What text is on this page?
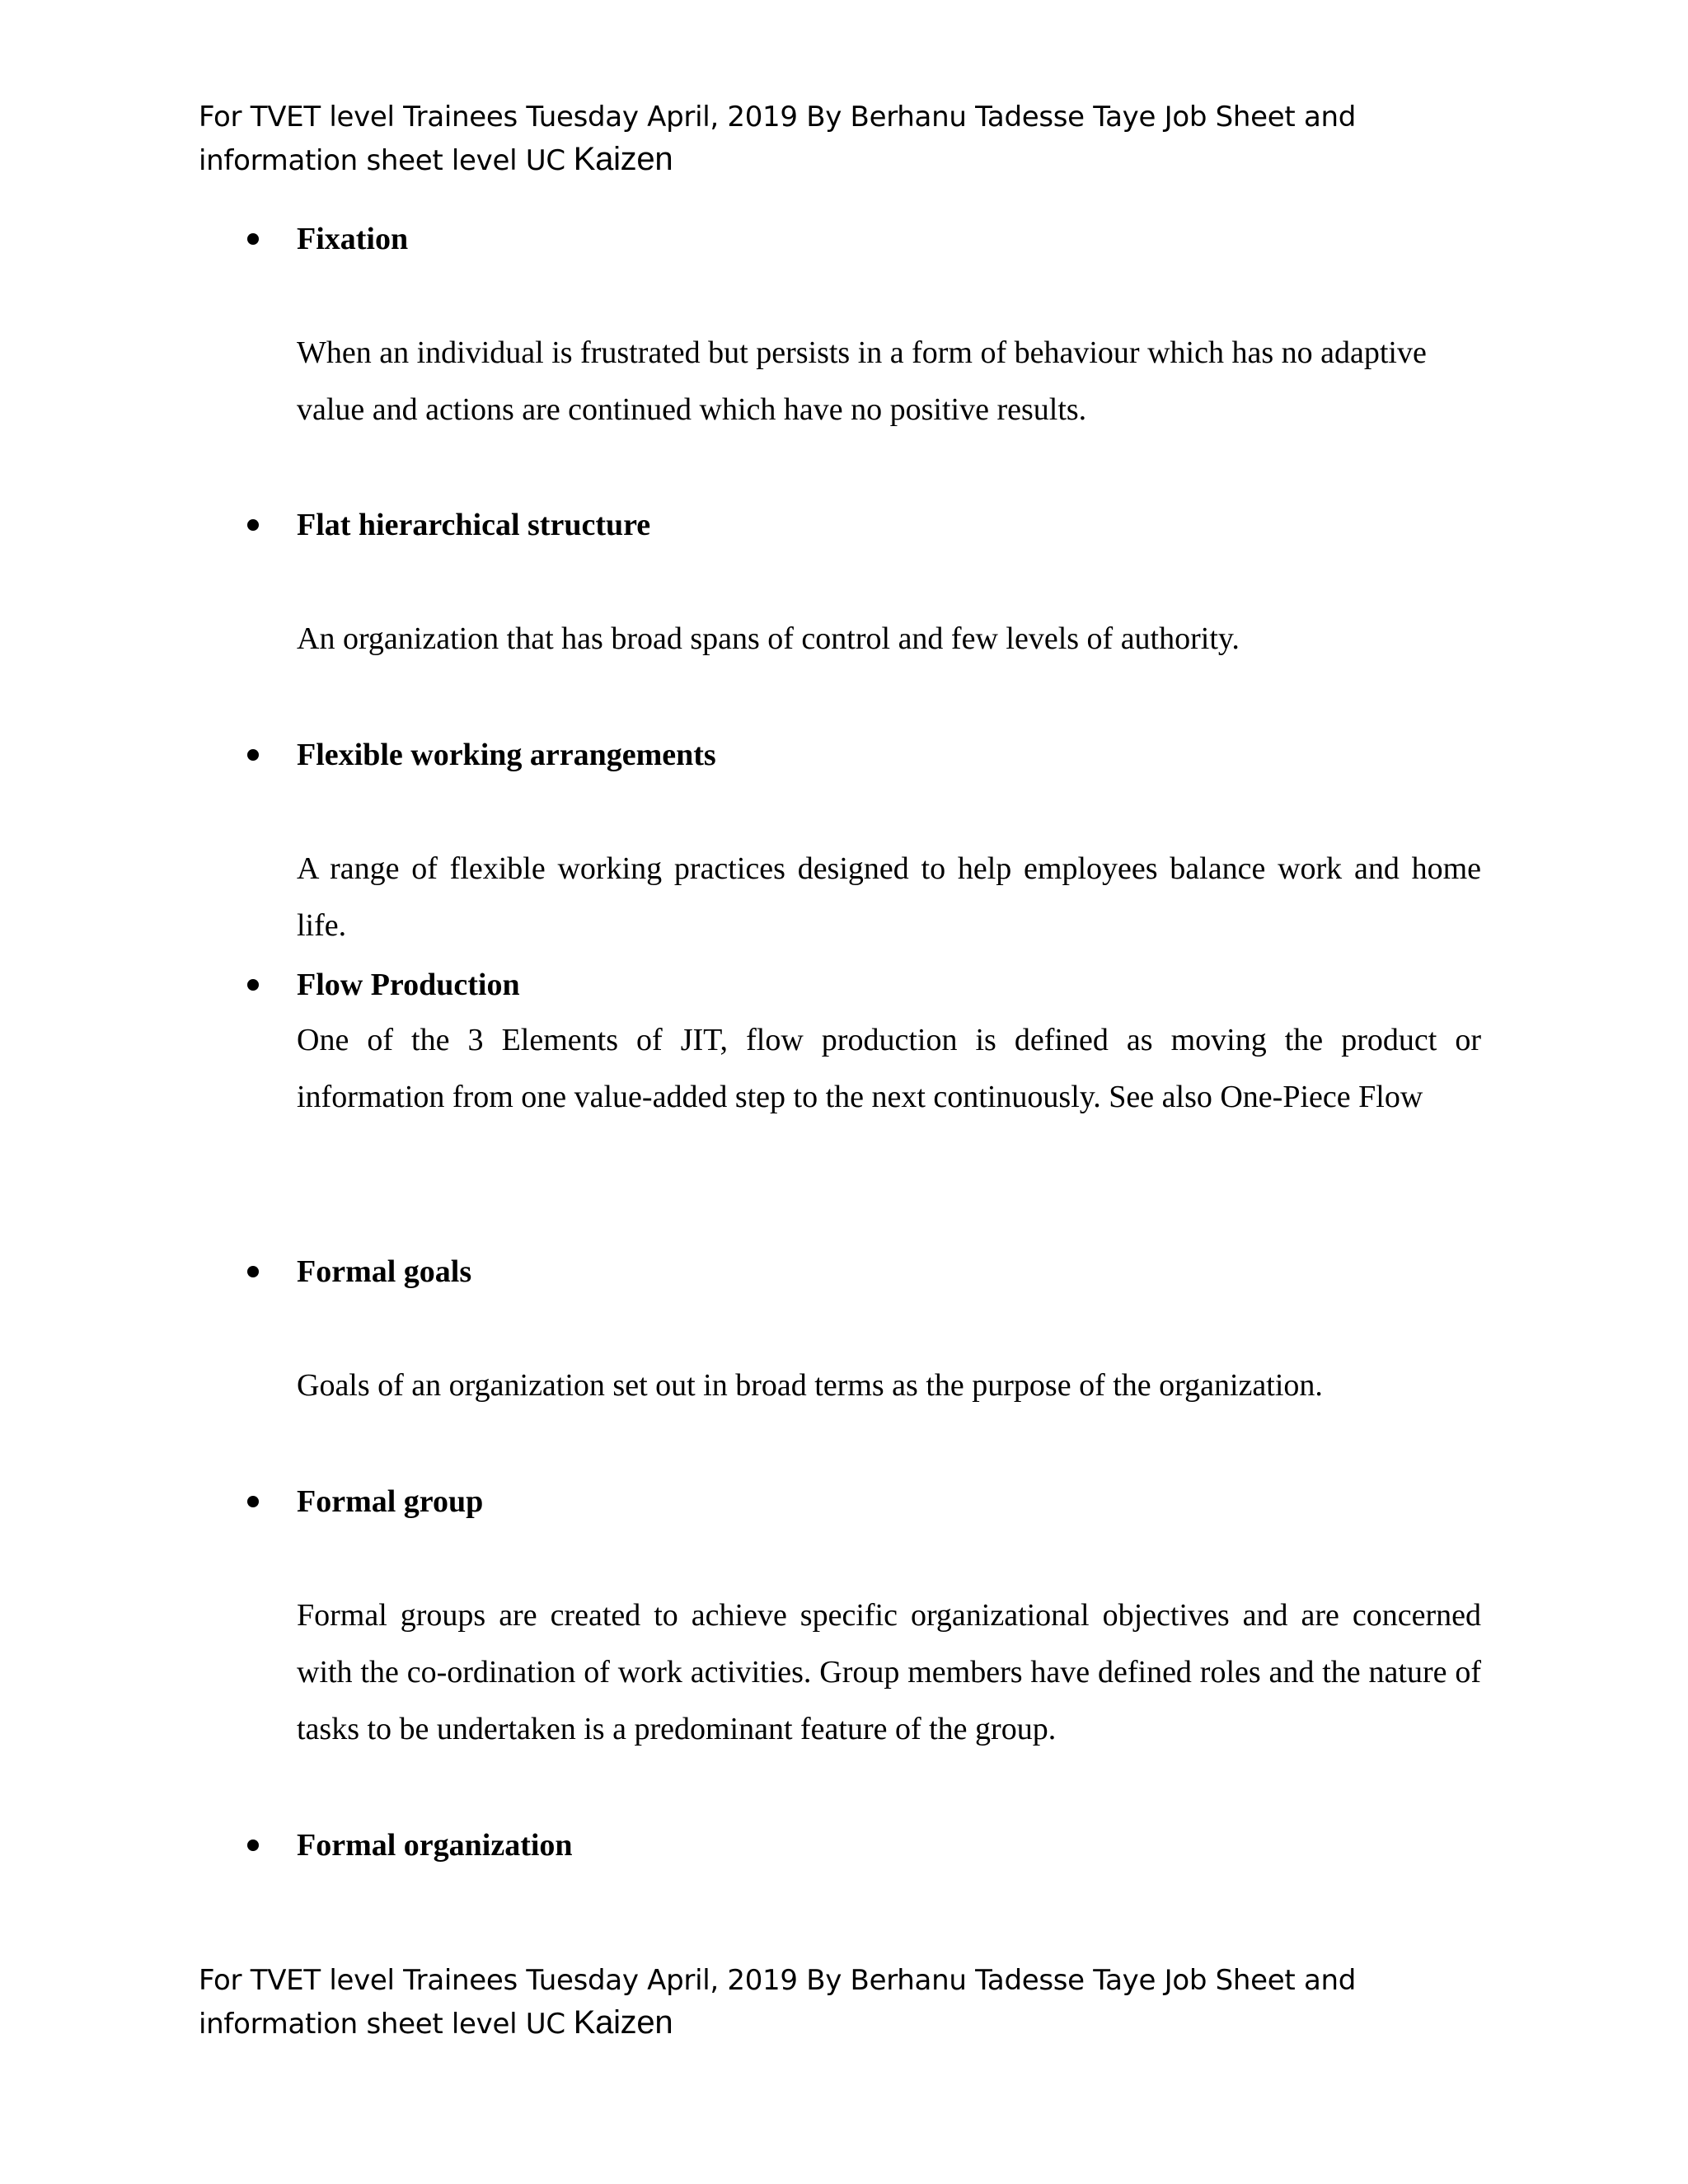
For TVET level Trainees Tuesday April, 2019 By Berhanu Tadesse Taye Job Sheet and
information sheet level UC Kaizen
Fixation
When an individual is frustrated but persists in a form of behaviour which has no adaptive value and actions are continued which have no positive results.
Flat hierarchical structure
An organization that has broad spans of control and few levels of authority.
Flexible working arrangements
A range of flexible working practices designed to help employees balance work and home life.
Flow Production
One of the 3 Elements of JIT, flow production is defined as moving the product or information from one value-added step to the next continuously. See also One-Piece Flow
Formal goals
Goals of an organization set out in broad terms as the purpose of the organization.
Formal group
Formal groups are created to achieve specific organizational objectives and are concerned with the co-ordination of work activities. Group members have defined roles and the nature of tasks to be undertaken is a predominant feature of the group.
Formal organization
For TVET level Trainees Tuesday April, 2019 By Berhanu Tadesse Taye Job Sheet and
information sheet level UC Kaizen
